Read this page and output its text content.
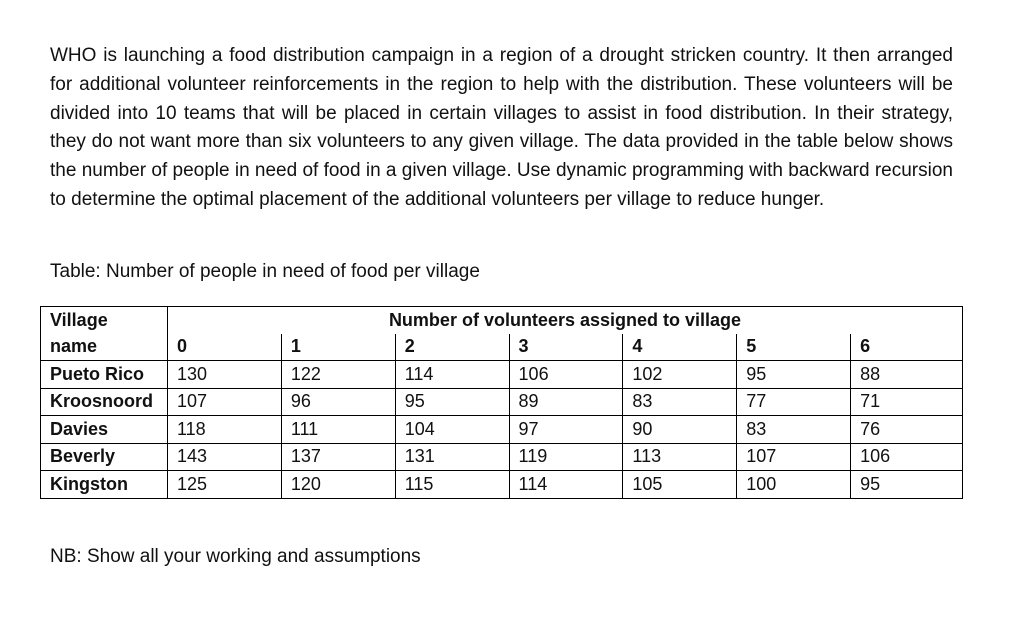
WHO is launching a food distribution campaign in a region of a drought stricken country. It then arranged for additional volunteer reinforcements in the region to help with the distribution. These volunteers will be divided into 10 teams that will be placed in certain villages to assist in food distribution. In their strategy, they do not want more than six volunteers to any given village. The data provided in the table below shows the number of people in need of food in a given village. Use dynamic programming with backward recursion to determine the optimal placement of the additional volunteers per village to reduce hunger.

Table: Number of people in need of food per village

Village	Number of volunteers assigned to village						
name	0	1	2	3	4	5	6
Pueto Rico	130	122	114	106	102	95	88
Kroosnoord	107	96	95	89	83	77	71
Davies	118	111	104	97	90	83	76
Beverly	143	137	131	119	113	107	106
Kingston	125	120	115	114	105	100	95

NB: Show all your working and assumptions
